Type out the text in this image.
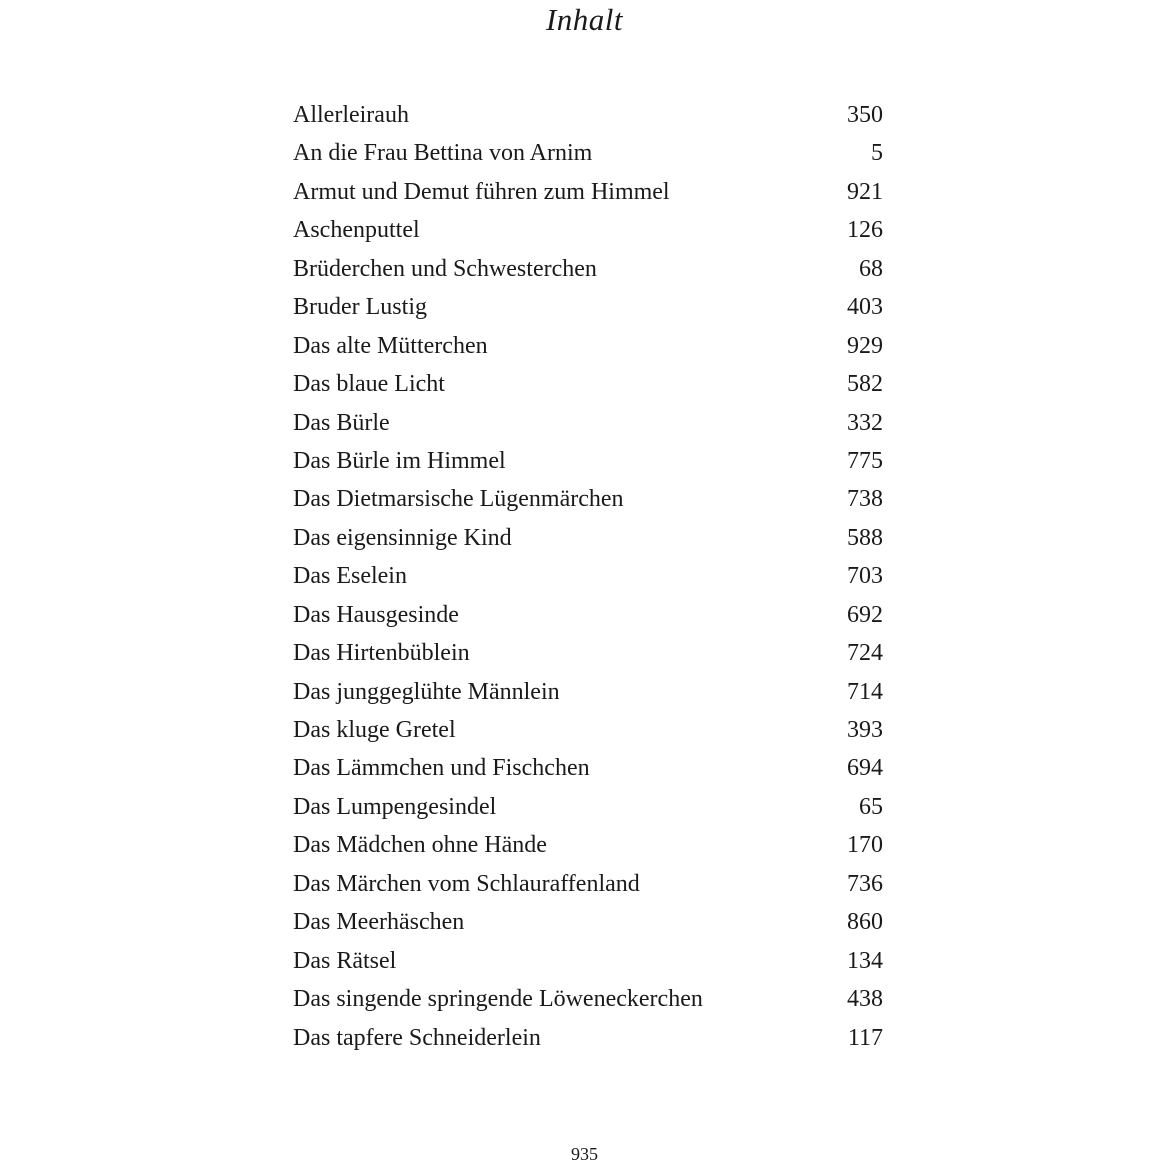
Inhalt
Allerleirauh	350
An die Frau Bettina von Arnim	5
Armut und Demut führen zum Himmel	921
Aschenputtel	126
Brüderchen und Schwesterchen	68
Bruder Lustig	403
Das alte Mütterchen	929
Das blaue Licht	582
Das Bürle	332
Das Bürle im Himmel	775
Das Dietmarsische Lügenmärchen	738
Das eigensinnige Kind	588
Das Eselein	703
Das Hausgesinde	692
Das Hirtenbüblein	724
Das junggeglühte Männlein	714
Das kluge Gretel	393
Das Lämmchen und Fischchen	694
Das Lumpengesindel	65
Das Mädchen ohne Hände	170
Das Märchen vom Schlauraffenland	736
Das Meerhäschen	860
Das Rätsel	134
Das singende springende Löweneckerchen	438
Das tapfere Schneiderlein	117
935
